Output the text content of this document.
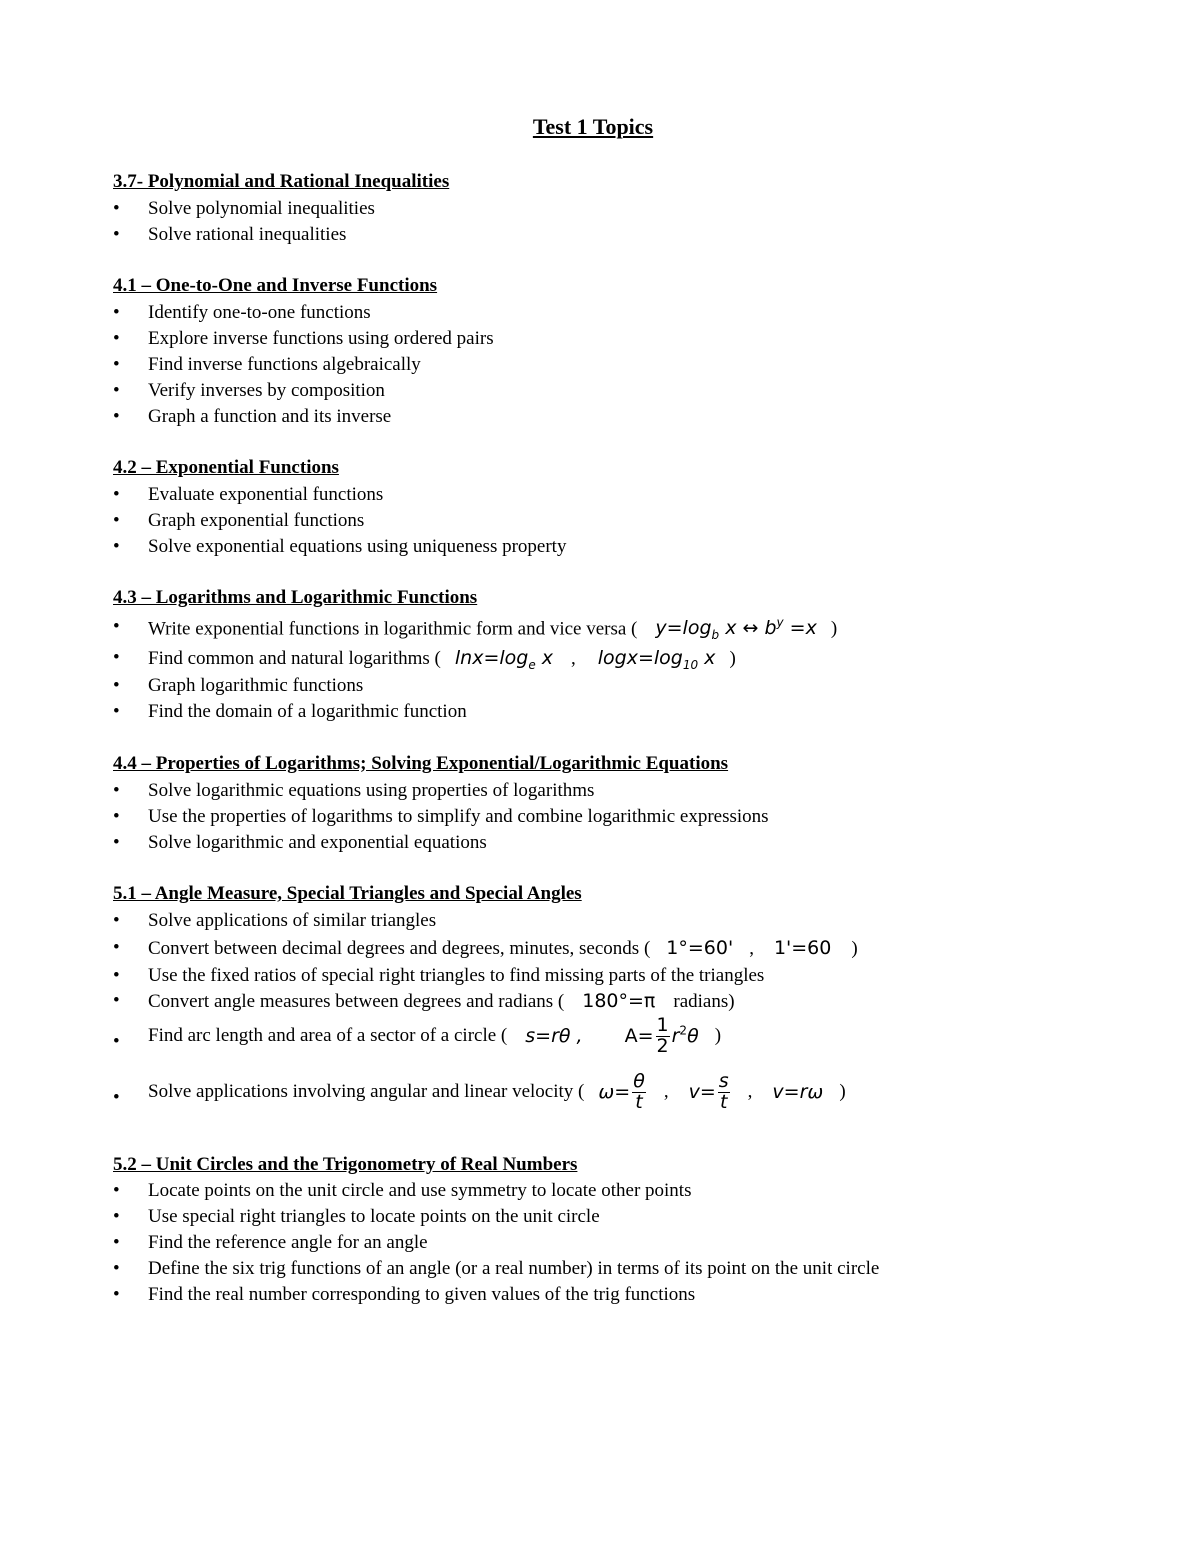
Test 1 Topics
3.7- Polynomial and Rational Inequalities
•	Solve polynomial inequalities
•	Solve rational inequalities
4.1 – One-to-One and Inverse Functions
•	Identify one-to-one functions
•	Explore inverse functions using ordered pairs
•	Find inverse functions algebraically
•	Verify inverses by composition
•	Graph a function and its inverse
4.2 – Exponential Functions
•	Evaluate exponential functions
•	Graph exponential functions
•	Solve exponential equations using uniqueness property
4.3 – Logarithms and Logarithmic Functions
•	Write exponential functions in logarithmic form and vice versa ( $y=\log_b$ x ↔ $b^y =x$ )
•	Find common and natural logarithms ( $\ln x=\log_e$ x , $\log x=\log_{10}$ x )
•	Graph logarithmic functions
•	Find the domain of a logarithmic function
4.4 – Properties of Logarithms; Solving Exponential/Logarithmic Equations
•	Solve logarithmic equations using properties of logarithms
•	Use the properties of logarithms to simplify and combine logarithmic expressions
•	Solve logarithmic and exponential equations
5.1 – Angle Measure, Special Triangles and Special Angles
•	Solve applications of similar triangles
•	Convert between decimal degrees and degrees, minutes, seconds ( 1°=60' , 1'=60 )
•	Use the fixed ratios of special right triangles to find missing parts of the triangles
•	Convert angle measures between degrees and radians ( 180°=π radians)
•	Find arc length and area of a sector of a circle ( s=rθ , $A= \frac{1}{2} r^2\theta$ )
•	Solve applications involving angular and linear velocity ( $\omega= \frac{\theta}{t}$ , $v= \frac{s}{t}$ , v=rω )
5.2 – Unit Circles and the Trigonometry of Real Numbers
•	Locate points on the unit circle and use symmetry to locate other points
•	Use special right triangles to locate points on the unit circle
•	Find the reference angle for an angle
•	Define the six trig functions of an angle (or a real number) in terms of its point on the unit circle
•	Find the real number corresponding to given values of the trig functions
